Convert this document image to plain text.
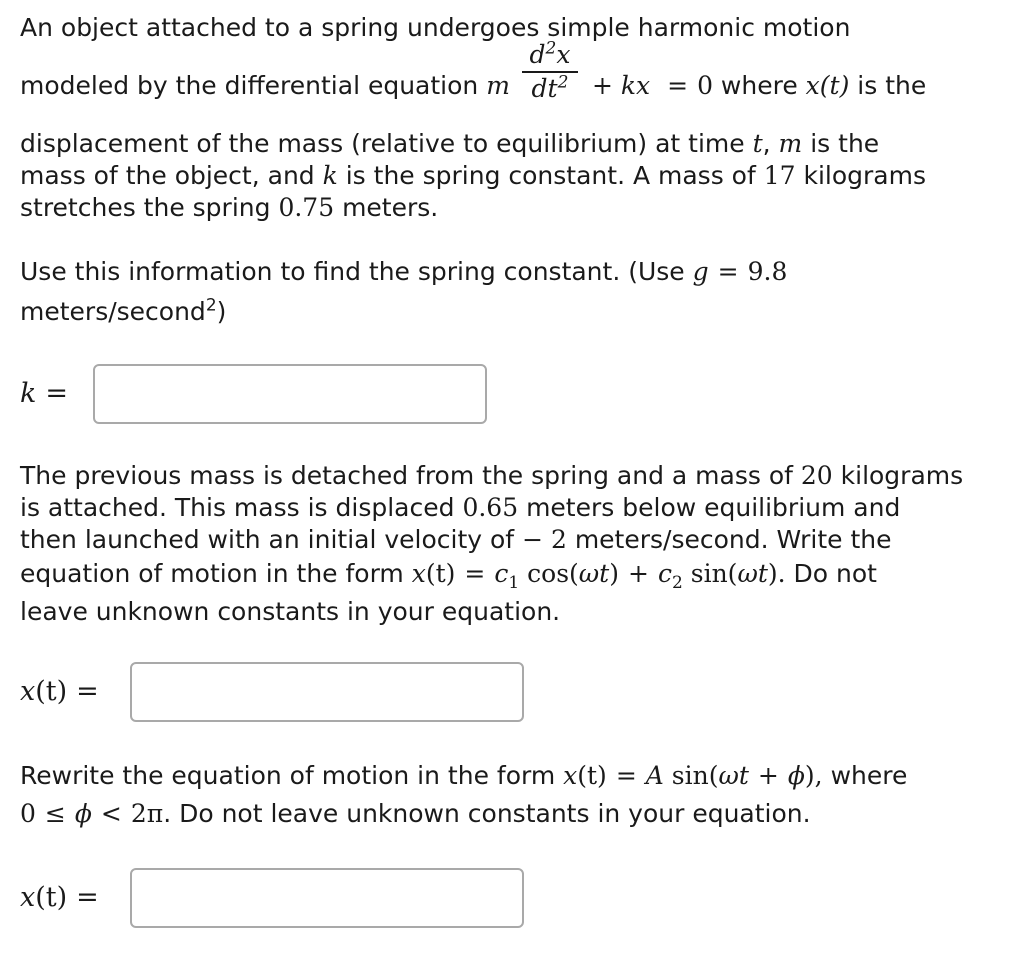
An object attached to a spring undergoes simple harmonic motion
modeled by the differential equation m
$d^2x$
$dt^2$ + kx = 0 where x(t) is the
displacement of the mass (relative to equilibrium) at time t, m is the
mass of the object, and k is the spring constant. A mass of 17 kilograms
stretches the spring 0.75 meters.
Use this information to find the spring constant. (Use g = 9.8
meters/second$^2$)
k =
The previous mass is detached from the spring and a mass of 20 kilograms
is attached. This mass is displaced 0.65 meters below equilibrium and
then launched with an initial velocity of − 2 meters/second. Write the
equation of motion in the form $x(t) = c_1$ $\cos(\omega t) + c_2$ sin(ωt). Do not
leave unknown constants in your equation.
x(t) =
Rewrite the equation of motion in the form x(t) = A sin(ωt + ϕ), where
0 ≤ ϕ < 2π. Do not leave unknown constants in your equation.
x(t) =
